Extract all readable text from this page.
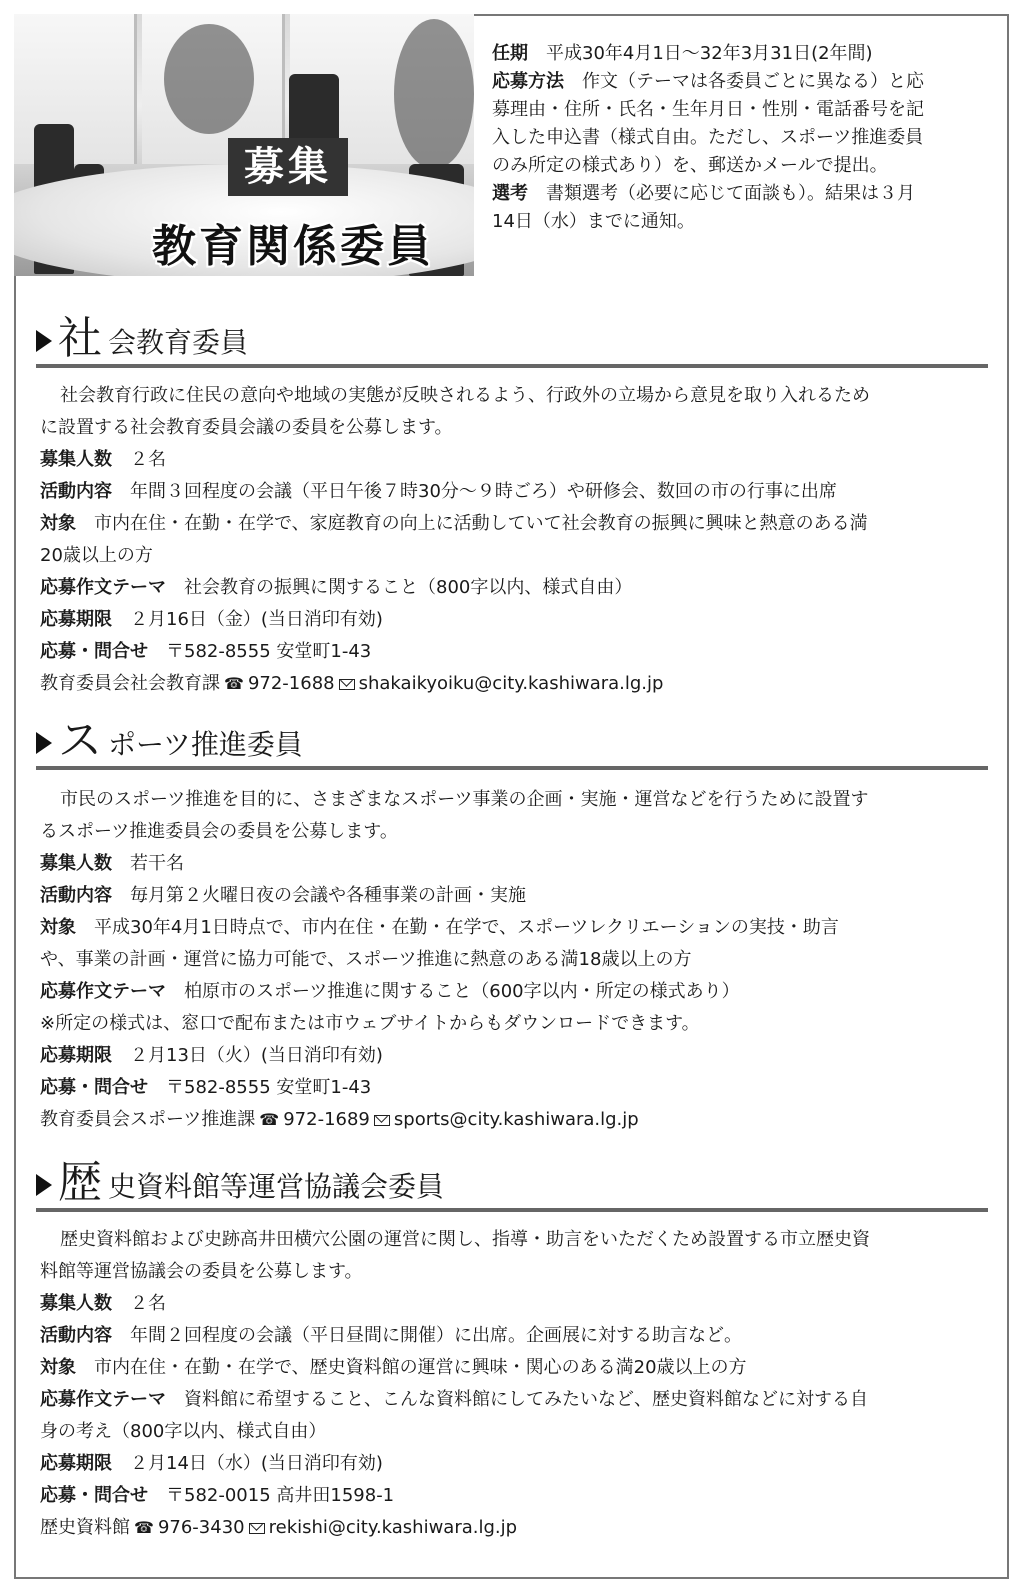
募集
教育関係委員
任期　 平成30年4月1日～32年3月31日(2年間)
応募方法　 作文（テーマは各委員ごとに異なる）と応
募理由・住所・氏名・生年月日・性別・電話番号を記
入した申込書（様式自由。ただし、スポーツ推進委員
のみ所定の様式あり）を、郵送かメールで提出。
選考　 書類選考（必要に応じて面談も）。結果は３月
14日（水）までに通知。
社 会教育委員

社会教育行政に住民の意向や地域の実態が反映されるよう、行政外の立場から意見を取り入れるため

に設置する社会教育委員会議の委員を公募します。

募集人数 ２名

活動内容 年間３回程度の会議（平日午後７時30分～９時ごろ）や研修会、数回の市の行事に出席

対象 市内在住・在勤・在学で、家庭教育の向上に活動していて社会教育の振興に興味と熱意のある満

20歳以上の方

応募作文テーマ 社会教育の振興に関すること（800字以内、様式自由）

応募期限 ２月16日（金）(当日消印有効)

応募・問合せ 〒582-8555 安堂町1-43

教育委員会社会教育課 ☎ 972-1688 shakaikyoiku@city.kashiwara.lg.jp

ス ポーツ推進委員

市民のスポーツ推進を目的に、さまざまなスポーツ事業の企画・実施・運営などを行うために設置す

るスポーツ推進委員会の委員を公募します。

募集人数 若干名

活動内容 毎月第２火曜日夜の会議や各種事業の計画・実施

対象 平成30年4月1日時点で、市内在住・在勤・在学で、スポーツレクリエーションの実技・助言

や、事業の計画・運営に協力可能で、スポーツ推進に熱意のある満18歳以上の方

応募作文テーマ 柏原市のスポーツ推進に関すること（600字以内・所定の様式あり）

※所定の様式は、窓口で配布または市ウェブサイトからもダウンロードできます。

応募期限 ２月13日（火）(当日消印有効)

応募・問合せ 〒582-8555 安堂町1-43

教育委員会スポーツ推進課 ☎ 972-1689 sports@city.kashiwara.lg.jp

歴 史資料館等運営協議会委員

歴史資料館および史跡高井田横穴公園の運営に関し、指導・助言をいただくため設置する市立歴史資

料館等運営協議会の委員を公募します。

募集人数 ２名

活動内容 年間２回程度の会議（平日昼間に開催）に出席。企画展に対する助言など。

対象 市内在住・在勤・在学で、歴史資料館の運営に興味・関心のある満20歳以上の方

応募作文テーマ 資料館に希望すること、こんな資料館にしてみたいなど、歴史資料館などに対する自

身の考え（800字以内、様式自由）

応募期限 ２月14日（水）(当日消印有効)

応募・問合せ 〒582-0015 高井田1598-1

歴史資料館 ☎ 976-3430 rekishi@city.kashiwara.lg.jp
